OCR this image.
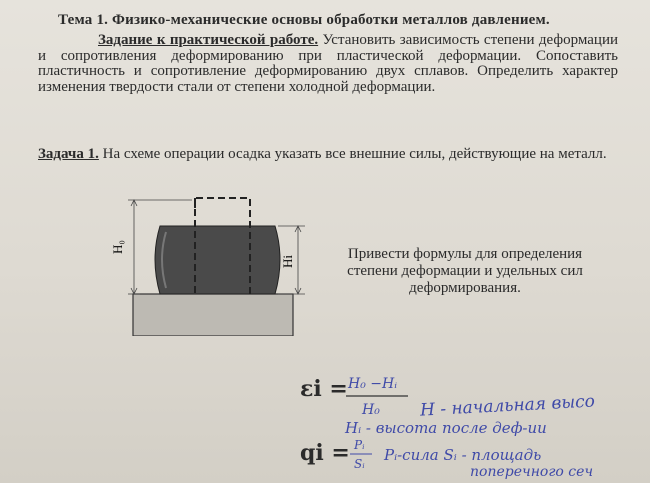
Тема 1. Физико-механические основы обработки металлов давлением.
Задание к практической работе. Установить зависимость степени деформации и сопротивления деформированию при пластической деформации. Сопоставить пластичность и сопротивление деформированию двух сплавов. Определить характер изменения твердости стали от степени холодной деформации.
Задача 1. На схеме операции осадка указать все внешние силы, действующие на металл.
H₀
Hi	Привести формулы для определения степени деформации и удельных сил деформирования.
εi = H₀ −Hᵢ
H₀ H - начальная высо
Hᵢ - высота после деф-ии
qi = Pᵢ
Sᵢ Pᵢ-сила Sᵢ - площадь
поперечного сеч
